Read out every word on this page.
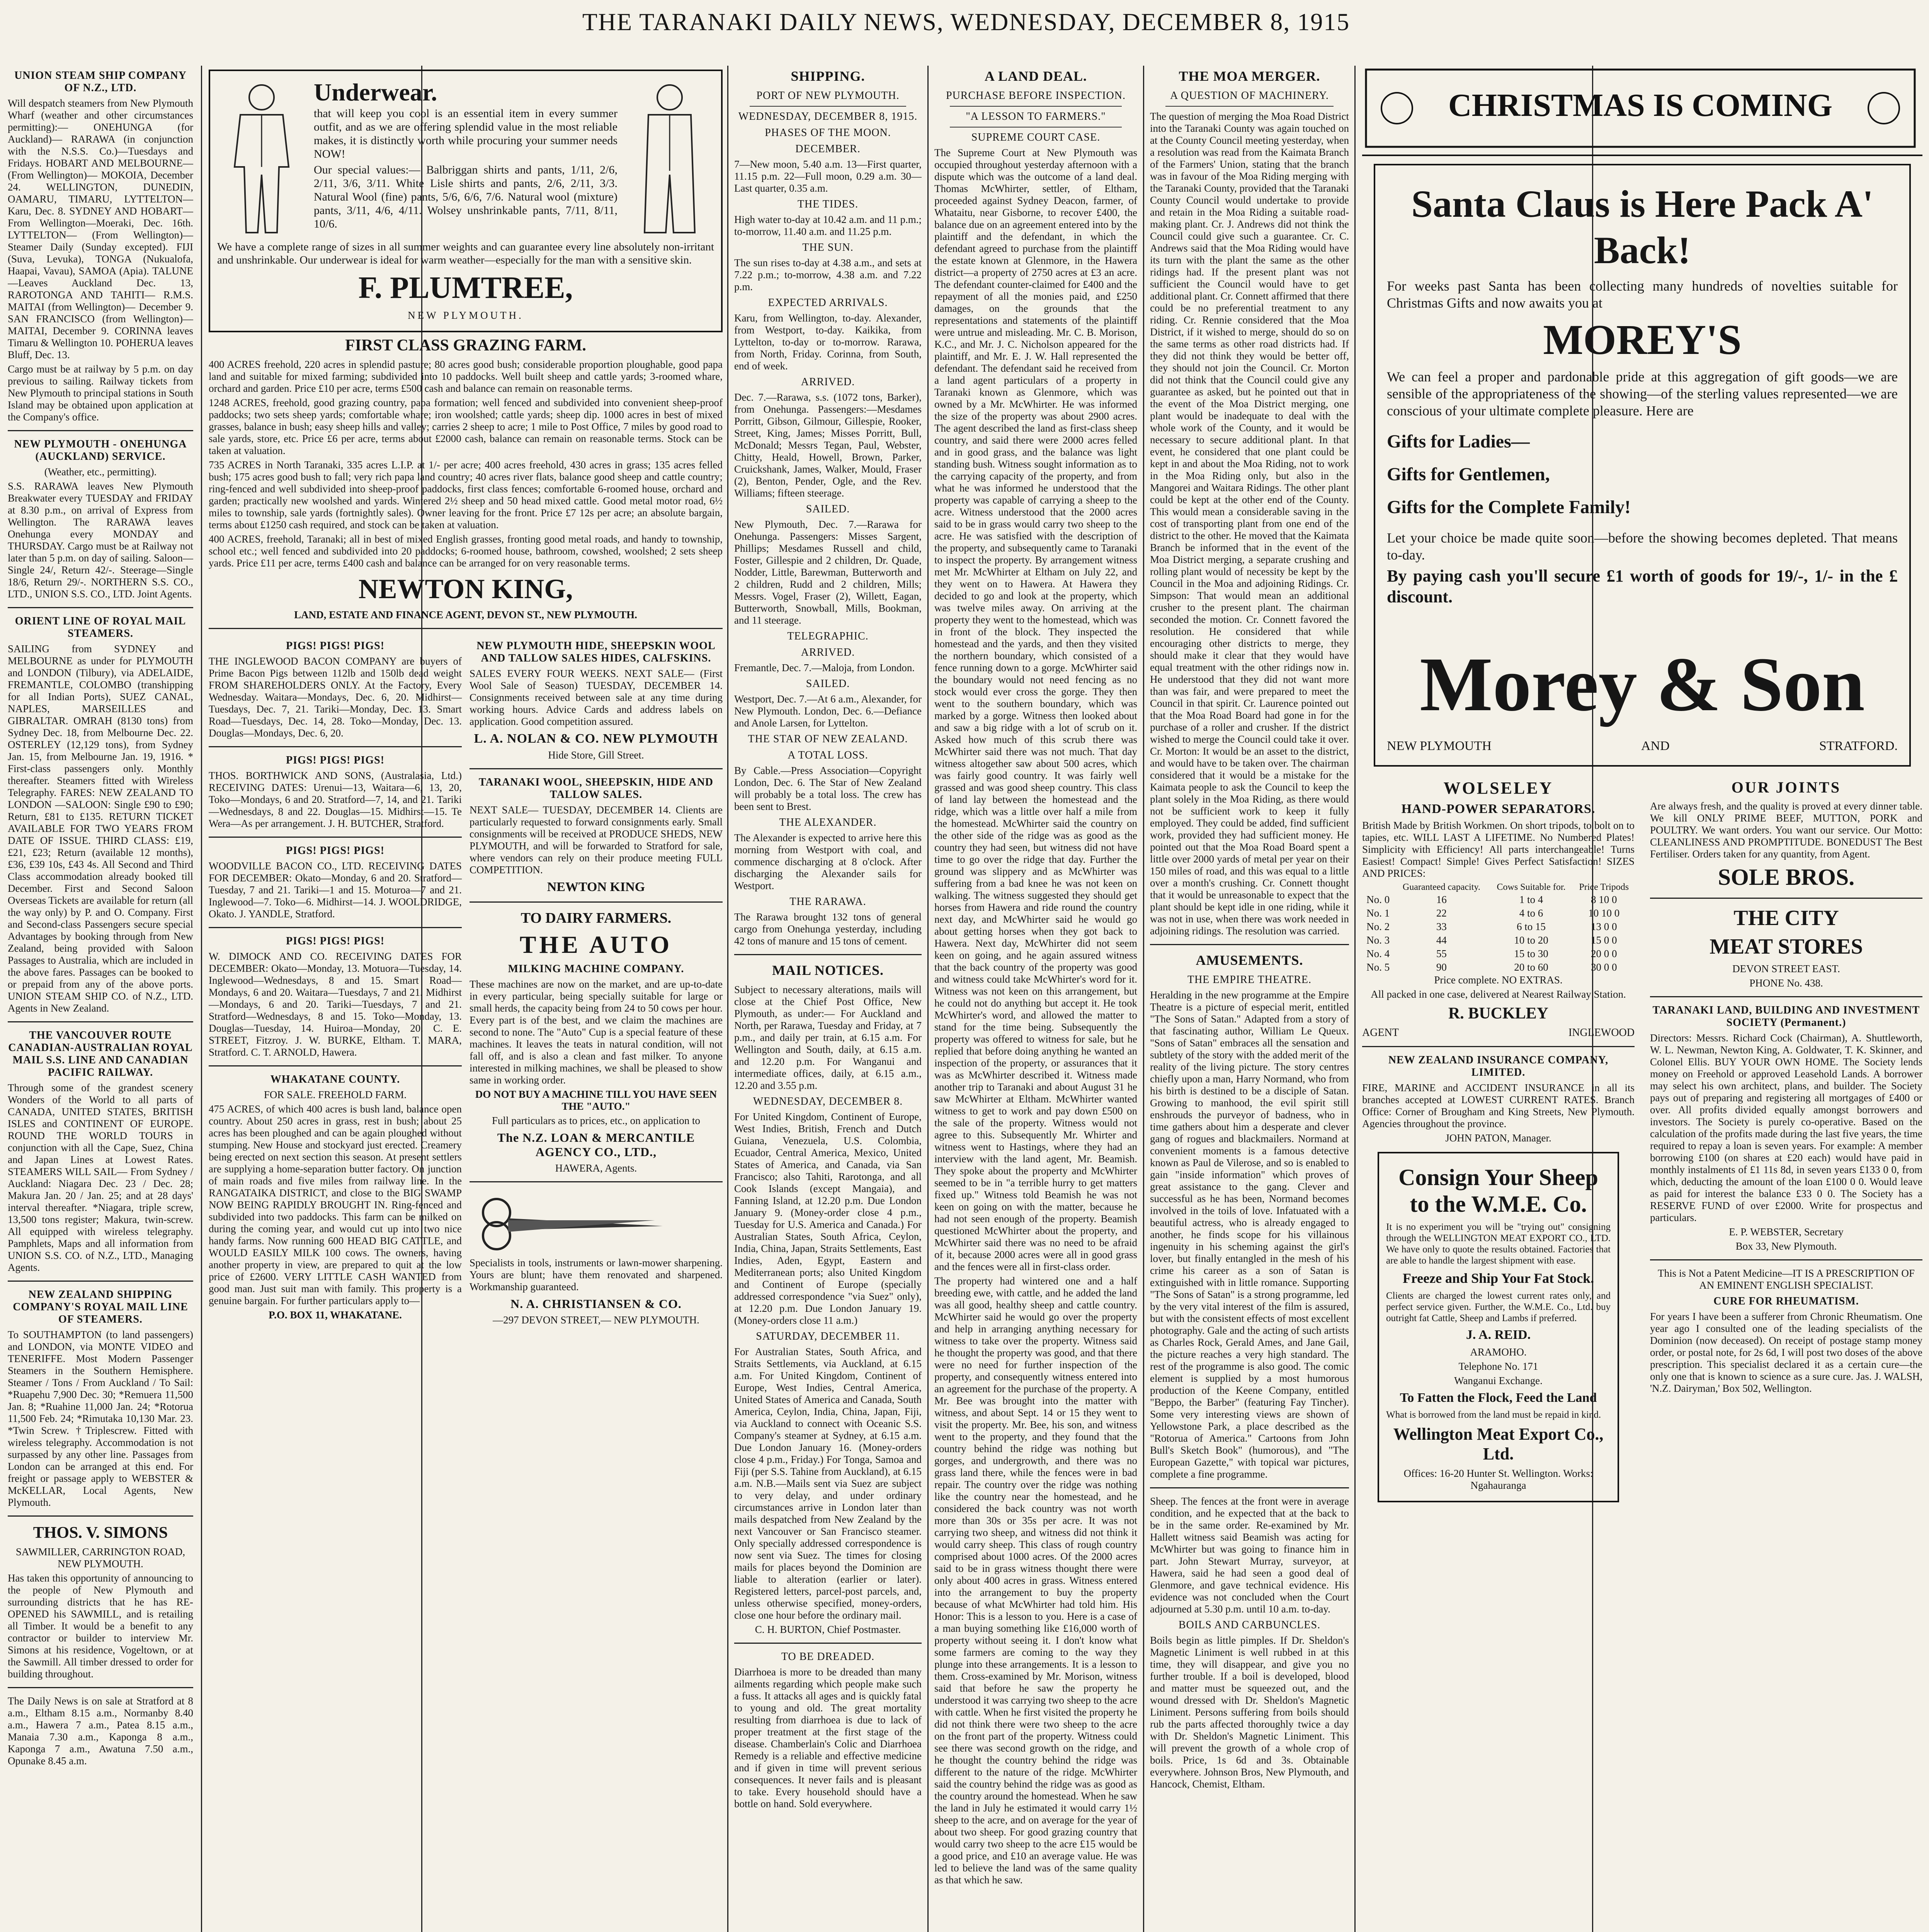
THE TARANAKI DAILY NEWS, WEDNESDAY, DECEMBER 8, 1915
UNION STEAM SHIP COMPANY OF N.Z., LTD.

Will despatch steamers from New Plymouth Wharf (weather and other circumstances permitting):— ONEHUNGA (for Auckland)— RARAWA (in conjunction with the N.S.S. Co.)—Tuesdays and Fridays. HOBART AND MELBOURNE— (From Wellington)— MOKOIA, December 24. WELLINGTON, DUNEDIN, OAMARU, TIMARU, LYTTELTON—Karu, Dec. 8. SYDNEY AND HOBART— From Wellington—Moeraki, Dec. 16th. LYTTELTON— (From Wellington)— Steamer Daily (Sunday excepted). FIJI (Suva, Levuka), TONGA (Nukualofa, Haapai, Vavau), SAMOA (Apia). TALUNE—Leaves Auckland Dec. 13, RAROTONGA AND TAHITI— R.M.S. MAITAI (from Wellington)— December 9. SAN FRANCISCO (from Wellington)— MAITAI, December 9. CORINNA leaves Timaru & Wellington 10. POHERUA leaves Bluff, Dec. 13.

Cargo must be at railway by 5 p.m. on day previous to sailing. Railway tickets from New Plymouth to principal stations in South Island may be obtained upon application at the Company's office.

NEW PLYMOUTH - ONEHUNGA (AUCKLAND) SERVICE.
(Weather, etc., permitting).

S.S. RARAWA leaves New Plymouth Breakwater every TUESDAY and FRIDAY at 8.30 p.m., on arrival of Express from Wellington. The RARAWA leaves Onehunga every MONDAY and THURSDAY. Cargo must be at Railway not later than 5 p.m. on day of sailing. Saloon—Single 24/, Return 42/-. Steerage—Single 18/6, Return 29/-. NORTHERN S.S. CO., LTD., UNION S.S. CO., LTD. Joint Agents.

ORIENT LINE OF ROYAL MAIL STEAMERS.

SAILING from SYDNEY and MELBOURNE as under for PLYMOUTH and LONDON (Tilbury), via ADELAIDE, FREMANTLE, COLOMBO (transhipping for all Indian Ports), SUEZ CANAL, NAPLES, MARSEILLES and GIBRALTAR. OMRAH (8130 tons) from Sydney Dec. 18, from Melbourne Dec. 22. OSTERLEY (12,129 tons), from Sydney Jan. 15, from Melbourne Jan. 19, 1916. * First-class passengers only. Monthly thereafter. Steamers fitted with Wireless Telegraphy. FARES: NEW ZEALAND TO LONDON —SALOON: Single £90 to £90; Return, £81 to £135. RETURN TICKET AVAILABLE FOR TWO YEARS FROM DATE OF ISSUE. THIRD CLASS: £19, £21, £23; Return (available 12 months), £36, £39 10s, £43 4s. All Second and Third Class accommodation already booked till December. First and Second Saloon Overseas Tickets are available for return (all the way only) by P. and O. Company. First and Second-class Passengers secure special Advantages by booking through from New Zealand, being provided with Saloon Passages to Australia, which are included in the above fares. Passages can be booked to or prepaid from any of the above ports. UNION STEAM SHIP CO. of N.Z., LTD. Agents in New Zealand.

THE VANCOUVER ROUTE CANADIAN-AUSTRALIAN ROYAL MAIL S.S. LINE AND CANADIAN PACIFIC RAILWAY.

Through some of the grandest scenery Wonders of the World to all parts of CANADA, UNITED STATES, BRITISH ISLES and CONTINENT OF EUROPE. ROUND THE WORLD TOURS in conjunction with all the Cape, Suez, China and Japan Lines at Lowest Rates. STEAMERS WILL SAIL— From Sydney / Auckland: Niagara Dec. 23 / Dec. 28; Makura Jan. 20 / Jan. 25; and at 28 days' interval thereafter. *Niagara, triple screw, 13,500 tons register; Makura, twin-screw. All equipped with wireless telegraphy. Pamphlets, Maps and all information from UNION S.S. CO. of N.Z., LTD., Managing Agents.

NEW ZEALAND SHIPPING COMPANY'S ROYAL MAIL LINE OF STEAMERS.

To SOUTHAMPTON (to land passengers) and LONDON, via MONTE VIDEO and TENERIFFE. Most Modern Passenger Steamers in the Southern Hemisphere. Steamer / Tons / From Auckland / To Sail: *Ruapehu 7,900 Dec. 30; *Remuera 11,500 Jan. 8; *Ruahine 11,000 Jan. 24; *Rotorua 11,500 Feb. 24; *Rimutaka 10,130 Mar. 23. *Twin Screw. †Triplescrew. Fitted with wireless telegraphy. Accommodation is not surpassed by any other line. Passages from London can be arranged at this end. For freight or passage apply to WEBSTER & McKELLAR, Local Agents, New Plymouth.

THOS. V. SIMONS
SAWMILLER, CARRINGTON ROAD, NEW PLYMOUTH.

Has taken this opportunity of announcing to the people of New Plymouth and surrounding districts that he has RE-OPENED his SAWMILL, and is retailing all Timber. It would be a benefit to any contractor or builder to interview Mr. Simons at his residence, Vogeltown, or at the Sawmill. All timber dressed to order for building throughout.

The Daily News is on sale at Stratford at 8 a.m., Eltham 8.15 a.m., Normanby 8.40 a.m., Hawera 7 a.m., Patea 8.15 a.m., Manaia 7.30 a.m., Kaponga 8 a.m., Kaponga 7 a.m., Awatuna 7.50 a.m., Opunake 8.45 a.m.

Underwear.

that will keep you cool is an essential item in every summer outfit, and as we are offering splendid value in the most reliable makes, it is distinctly worth while procuring your summer needs NOW!

Our special values:— Balbriggan shirts and pants, 1/11, 2/6, 2/11, 3/6, 3/11. White Lisle shirts and pants, 2/6, 2/11, 3/3. Natural Wool (fine) pants, 5/6, 6/6, 7/6. Natural wool (mixture) pants, 3/11, 4/6, 4/11. Wolsey unshrinkable pants, 7/11, 8/11, 10/6.

We have a complete range of sizes in all summer weights and can guarantee every line absolutely non-irritant and unshrinkable. Our underwear is ideal for warm weather—especially for the man with a sensitive skin.

F. PLUMTREE,
NEW PLYMOUTH.
FIRST CLASS GRAZING FARM.

400 ACRES freehold, 220 acres in splendid pasture; 80 acres good bush; considerable proportion ploughable, good papa land and suitable for mixed farming; subdivided into 10 paddocks. Well built sheep and cattle yards; 3-roomed whare, orchard and garden. Price £10 per acre, terms £500 cash and balance can remain on reasonable terms.

1248 ACRES, freehold, good grazing country, papa formation; well fenced and subdivided into convenient sheep-proof paddocks; two sets sheep yards; comfortable whare; iron woolshed; cattle yards; sheep dip. 1000 acres in best of mixed grasses, balance in bush; easy sheep hills and valley; carries 2 sheep to acre; 1 mile to Post Office, 7 miles by good road to sale yards, store, etc. Price £6 per acre, terms about £2000 cash, balance can remain on reasonable terms. Stock can be taken at valuation.

735 ACRES in North Taranaki, 335 acres L.I.P. at 1/- per acre; 400 acres freehold, 430 acres in grass; 135 acres felled bush; 175 acres good bush to fall; very rich papa land country; 40 acres river flats, balance good sheep and cattle country; ring-fenced and well subdivided into sheep-proof paddocks, first class fences; comfortable 6-roomed house, orchard and garden; practically new woolshed and yards. Wintered 2½ sheep and 50 head mixed cattle. Good metal motor road, 6½ miles to township, sale yards (fortnightly sales). Owner leaving for the front. Price £7 12s per acre; an absolute bargain, terms about £1250 cash required, and stock can be taken at valuation.

400 ACRES, freehold, Taranaki; all in best of mixed English grasses, fronting good metal roads, and handy to township, school etc.; well fenced and subdivided into 20 paddocks; 6-roomed house, bathroom, cowshed, woolshed; 2 sets sheep yards. Price £11 per acre, terms £400 cash and balance can be arranged for on very reasonable terms.

NEWTON KING,
LAND, ESTATE AND FINANCE AGENT, DEVON ST., NEW PLYMOUTH.
PIGS! PIGS! PIGS!

THE INGLEWOOD BACON COMPANY are buyers of Prime Bacon Pigs between 112lb and 150lb dead weight FROM SHAREHOLDERS ONLY. At the Factory, Every Wednesday. Waitara—Mondays, Dec. 6, 20. Midhirst—Tuesdays, Dec. 7, 21. Tariki—Monday, Dec. 13. Smart Road—Tuesdays, Dec. 14, 28. Toko—Monday, Dec. 13. Douglas—Mondays, Dec. 6, 20.

PIGS! PIGS! PIGS!

THOS. BORTHWICK AND SONS, (Australasia, Ltd.) RECEIVING DATES: Urenui—13, Waitara—6, 13, 20, Toko—Mondays, 6 and 20. Stratford—7, 14, and 21. Tariki—Wednesdays, 8 and 22. Douglas—15. Midhirst—15. Te Wera—As per arrangement. J. H. BUTCHER, Stratford.

PIGS! PIGS! PIGS!

WOODVILLE BACON CO., LTD. RECEIVING DATES FOR DECEMBER: Okato—Monday, 6 and 20. Stratford—Tuesday, 7 and 21. Tariki—1 and 15. Moturoa—7 and 21. Inglewood—7. Toko—6. Midhirst—14. J. WOOLDRIDGE, Okato. J. YANDLE, Stratford.

PIGS! PIGS! PIGS!

W. DIMOCK AND CO. RECEIVING DATES FOR DECEMBER: Okato—Monday, 13. Motuora—Tuesday, 14. Inglewood—Wednesdays, 8 and 15. Smart Road—Mondays, 6 and 20. Waitara—Tuesdays, 7 and 21. Midhirst—Mondays, 6 and 20. Tariki—Tuesdays, 7 and 21. Stratford—Wednesdays, 8 and 15. Toko—Monday, 13. Douglas—Tuesday, 14. Huiroa—Monday, 20. C. E. STREET, Fitzroy. J. W. BURKE, Eltham. T. MARA, Stratford. C. T. ARNOLD, Hawera.

WHAKATANE COUNTY.
FOR SALE. FREEHOLD FARM.

475 ACRES, of which 400 acres is bush land, balance open country. About 250 acres in grass, rest in bush; about 25 acres has been ploughed and can be again ploughed without stumping. New House and stockyard just erected. Creamery being erected on next section this season. At present settlers are supplying a home-separation butter factory. On junction of main roads and five miles from railway line. In the RANGATAIKA DISTRICT, and close to the BIG SWAMP NOW BEING RAPIDLY BROUGHT IN. Ring-fenced and subdivided into two paddocks. This farm can be milked on during the coming year, and would cut up into two nice handy farms. Now running 600 HEAD BIG CATTLE, and WOULD EASILY MILK 100 cows. The owners, having another property in view, are prepared to quit at the low price of £2600. VERY LITTLE CASH WANTED from good man. Just suit man with family. This property is a genuine bargain. For further particulars apply to—

P.O. BOX 11, WHAKATANE.
NEW PLYMOUTH HIDE, SHEEPSKIN WOOL AND TALLOW SALES HIDES, CALFSKINS.

SALES EVERY FOUR WEEKS. NEXT SALE— (First Wool Sale of Season) TUESDAY, DECEMBER 14. Consignments received between sale at any time during working hours. Advice Cards and address labels on application. Good competition assured.

L. A. NOLAN & CO. NEW PLYMOUTH
Hide Store, Gill Street.
TARANAKI WOOL, SHEEPSKIN, HIDE AND TALLOW SALES.

NEXT SALE— TUESDAY, DECEMBER 14. Clients are particularly requested to forward consignments early. Small consignments will be received at PRODUCE SHEDS, NEW PLYMOUTH, and will be forwarded to Stratford for sale, where vendors can rely on their produce meeting FULL COMPETITION.

NEWTON KING
TO DAIRY FARMERS.
THE AUTO
MILKING MACHINE COMPANY.

These machines are now on the market, and are up-to-date in every particular, being specially suitable for large or small herds, the capacity being from 24 to 50 cows per hour. Every part is of the best, and we claim the machines are second to none. The "Auto" Cup is a special feature of these machines. It leaves the teats in natural condition, will not fall off, and is also a clean and fast milker. To anyone interested in milking machines, we shall be pleased to show same in working order.

DO NOT BUY A MACHINE TILL YOU HAVE SEEN THE "AUTO."

Full particulars as to prices, etc., on application to

The N.Z. LOAN & MERCANTILE AGENCY CO., LTD.,
HAWERA, Agents.

Specialists in tools, instruments or lawn-mower sharpening. Yours are blunt; have them renovated and sharpened. Workmanship guaranteed.

N. A. CHRISTIANSEN & CO.
—297 DEVON STREET,— NEW PLYMOUTH.
SHIPPING.
PORT OF NEW PLYMOUTH.
WEDNESDAY, DECEMBER 8, 1915.
PHASES OF THE MOON.
DECEMBER.

7—New moon, 5.40 a.m. 13—First quarter, 11.15 p.m. 22—Full moon, 0.29 a.m. 30—Last quarter, 0.35 a.m.

THE TIDES.

High water to-day at 10.42 a.m. and 11 p.m.; to-morrow, 11.40 a.m. and 11.25 p.m.

THE SUN.

The sun rises to-day at 4.38 a.m., and sets at 7.22 p.m.; to-morrow, 4.38 a.m. and 7.22 p.m.

EXPECTED ARRIVALS.

Karu, from Wellington, to-day. Alexander, from Westport, to-day. Kaikika, from Lyttelton, to-day or to-morrow. Rarawa, from North, Friday. Corinna, from South, end of week.

ARRIVED.

Dec. 7.—Rarawa, s.s. (1072 tons, Barker), from Onehunga. Passengers:—Mesdames Porritt, Gibson, Gilmour, Gillespie, Rooker, Street, King, James; Misses Porritt, Bull, McDonald; Messrs Tegan, Paul, Webster, Chitty, Heald, Howell, Brown, Parker, Cruickshank, James, Walker, Mould, Fraser (2), Benton, Pender, Ogle, and the Rev. Williams; fifteen steerage.

SAILED.

New Plymouth, Dec. 7.—Rarawa for Onehunga. Passengers: Misses Sargent, Phillips; Mesdames Russell and child, Foster, Gillespie and 2 children, Dr. Quade, Nodder, Little, Barewman, Butterworth and 2 children, Rudd and 2 children, Mills; Messrs. Vogel, Fraser (2), Willett, Eagan, Butterworth, Snowball, Mills, Bookman, and 11 steerage.

TELEGRAPHIC.
ARRIVED.

Fremantle, Dec. 7.—Maloja, from London.

SAILED.

Westport, Dec. 7.—At 6 a.m., Alexander, for New Plymouth. London, Dec. 6.—Defiance and Anole Larsen, for Lyttelton.

THE STAR OF NEW ZEALAND.
A TOTAL LOSS.

By Cable.—Press Association—Copyright London, Dec. 6. The Star of New Zealand will probably be a total loss. The crew has been sent to Brest.

THE ALEXANDER.

The Alexander is expected to arrive here this morning from Westport with coal, and commence discharging at 8 o'clock. After discharging the Alexander sails for Westport.

THE RARAWA.

The Rarawa brought 132 tons of general cargo from Onehunga yesterday, including 42 tons of manure and 15 tons of cement.

MAIL NOTICES.

Subject to necessary alterations, mails will close at the Chief Post Office, New Plymouth, as under:— For Auckland and North, per Rarawa, Tuesday and Friday, at 7 p.m., and daily per train, at 6.15 a.m. For Wellington and South, daily, at 6.15 a.m. and 12.20 p.m. For Wanganui and intermediate offices, daily, at 6.15 a.m., 12.20 and 3.55 p.m.

WEDNESDAY, DECEMBER 8.

For United Kingdom, Continent of Europe, West Indies, British, French and Dutch Guiana, Venezuela, U.S. Colombia, Ecuador, Central America, Mexico, United States of America, and Canada, via San Francisco; also Tahiti, Rarotonga, and all Cook Islands (except Mangaia), and Fanning Island, at 12.20 p.m. Due London January 9. (Money-order close 4 p.m., Tuesday for U.S. America and Canada.) For Australian States, South Africa, Ceylon, India, China, Japan, Straits Settlements, East Indies, Aden, Egypt, Eastern and Mediterranean ports; also United Kingdom and Continent of Europe (specially addressed correspondence "via Suez" only), at 12.20 p.m. Due London January 19. (Money-orders close 11 a.m.)

SATURDAY, DECEMBER 11.

For Australian States, South Africa, and Straits Settlements, via Auckland, at 6.15 a.m. For United Kingdom, Continent of Europe, West Indies, Central America, United States of America and Canada, South America, Ceylon, India, China, Japan, Fiji, via Auckland to connect with Oceanic S.S. Company's steamer at Sydney, at 6.15 a.m. Due London January 16. (Money-orders close 4 p.m., Friday.) For Tonga, Samoa and Fiji (per S.S. Tahine from Auckland), at 6.15 a.m. N.B.—Mails sent via Suez are subject to very delay, and under ordinary circumstances arrive in London later than mails despatched from New Zealand by the next Vancouver or San Francisco steamer. Only specially addressed correspondence is now sent via Suez. The times for closing mails for places beyond the Dominion are liable to alteration (earlier or later). Registered letters, parcel-post parcels, and, unless otherwise specified, money-orders, close one hour before the ordinary mail.

C. H. BURTON, Chief Postmaster.
TO BE DREADED.

Diarrhoea is more to be dreaded than many ailments regarding which people make such a fuss. It attacks all ages and is quickly fatal to young and old. The great mortality resulting from diarrhoea is due to lack of proper treatment at the first stage of the disease. Chamberlain's Colic and Diarrhoea Remedy is a reliable and effective medicine and if given in time will prevent serious consequences. It never fails and is pleasant to take. Every household should have a bottle on hand. Sold everywhere.

A LAND DEAL.
PURCHASE BEFORE INSPECTION.
"A LESSON TO FARMERS."
SUPREME COURT CASE.

The Supreme Court at New Plymouth was occupied throughout yesterday afternoon with a dispute which was the outcome of a land deal. Thomas McWhirter, settler, of Eltham, proceeded against Sydney Deacon, farmer, of Whataitu, near Gisborne, to recover £400, the balance due on an agreement entered into by the plaintiff and the defendant, in which the defendant agreed to purchase from the plaintiff the estate known at Glenmore, in the Hawera district—a property of 2750 acres at £3 an acre. The defendant counter-claimed for £400 and the repayment of all the monies paid, and £250 damages, on the grounds that the representations and statements of the plaintiff were untrue and misleading. Mr. C. B. Morison, K.C., and Mr. J. C. Nicholson appeared for the plaintiff, and Mr. E. J. W. Hall represented the defendant. The defendant said he received from a land agent particulars of a property in Taranaki known as Glenmore, which was owned by a Mr. McWhirter. He was informed the size of the property was about 2900 acres. The agent described the land as first-class sheep country, and said there were 2000 acres felled and in good grass, and the balance was light standing bush. Witness sought information as to the carrying capacity of the property, and from what he was informed he understood that the property was capable of carrying a sheep to the acre. Witness understood that the 2000 acres said to be in grass would carry two sheep to the acre. He was satisfied with the description of the property, and subsequently came to Taranaki to inspect the property. By arrangement witness met Mr. McWhirter at Eltham on July 22, and they went on to Hawera. At Hawera they decided to go and look at the property, which was twelve miles away. On arriving at the property they went to the homestead, which was in front of the block. They inspected the homestead and the yards, and then they visited the northern boundary, which consisted of a fence running down to a gorge. McWhirter said the boundary would not need fencing as no stock would ever cross the gorge. They then went to the southern boundary, which was marked by a gorge. Witness then looked about and saw a big ridge with a lot of scrub on it. Asked how much of this scrub there was McWhirter said there was not much. That day witness altogether saw about 500 acres, which was fairly good country. It was fairly well grassed and was good sheep country. This class of land lay between the homestead and the ridge, which was a little over half a mile from the homestead. McWhirter said the country on the other side of the ridge was as good as the country they had seen, but witness did not have time to go over the ridge that day. Further the ground was slippery and as McWhirter was suffering from a bad knee he was not keen on walking. The witness suggested they should get horses from Hawera and ride round the country next day, and McWhirter said he would go about getting horses when they got back to Hawera. Next day, McWhirter did not seem keen on going, and he again assured witness that the back country of the property was good and witness could take McWhirter's word for it. Witness was not keen on this arrangement, but he could not do anything but accept it. He took McWhirter's word, and allowed the matter to stand for the time being. Subsequently the property was offered to witness for sale, but he replied that before doing anything he wanted an inspection of the property, or assurances that it was as McWhirter described it. Witness made another trip to Taranaki and about August 31 he saw McWhirter at Eltham. McWhirter wanted witness to get to work and pay down £500 on the sale of the property. Witness would not agree to this. Subsequently Mr. Whirter and witness went to Hastings, where they had an interview with the land agent, Mr. Beamish. They spoke about the property and McWhirter seemed to be in "a terrible hurry to get matters fixed up." Witness told Beamish he was not keen on going on with the matter, because he had not seen enough of the property. Beamish questioned McWhirter about the property, and McWhirter said there was no need to be afraid of it, because 2000 acres were all in good grass and the fences were all in first-class order.

The property had wintered one and a half breeding ewe, with cattle, and he added the land was all good, healthy sheep and cattle country. McWhirter said he would go over the property and help in arranging anything necessary for witness to take over the property. Witness said he thought the property was good, and that there were no need for further inspection of the property, and consequently witness entered into an agreement for the purchase of the property. A Mr. Bee was brought into the matter with witness, and about Sept. 14 or 15 they went to visit the property. Mr. Bee, his son, and witness went to the property, and they found that the country behind the ridge was nothing but gorges, and undergrowth, and there was no grass land there, while the fences were in bad repair. The country over the ridge was nothing like the country near the homestead, and he considered the back country was not worth more than 30s or 35s per acre. It was not carrying two sheep, and witness did not think it would carry sheep. This class of rough country comprised about 1000 acres. Of the 2000 acres said to be in grass witness thought there were only about 400 acres in grass. Witness entered into the arrangement to buy the property because of what McWhirter had told him. His Honor: This is a lesson to you. Here is a case of a man buying something like £16,000 worth of property without seeing it. I don't know what some farmers are coming to the way they plunge into these arrangements. It is a lesson to them. Cross-examined by Mr. Morison, witness said that before he saw the property he understood it was carrying two sheep to the acre with cattle. When he first visited the property he did not think there were two sheep to the acre on the front part of the property. Witness could see there was second growth on the ridge, and he thought the country behind the ridge was different to the nature of the ridge. McWhirter said the country behind the ridge was as good as the country around the homestead. When he saw the land in July he estimated it would carry 1½ sheep to the acre, and on average for the year of about two sheep. For good grazing country that would carry two sheep to the acre £15 would be a good price, and £10 an average value. He was led to believe the land was of the same quality as that which he saw.

THE MOA MERGER.
A QUESTION OF MACHINERY.

The question of merging the Moa Road District into the Taranaki County was again touched on at the County Council meeting yesterday, when a resolution was read from the Kaimata Branch of the Farmers' Union, stating that the branch was in favour of the Moa Riding merging with the Taranaki County, provided that the Taranaki County Council would undertake to provide and retain in the Moa Riding a suitable road-making plant. Cr. J. Andrews did not think the Council could give such a guarantee. Cr. C. Andrews said that the Moa Riding would have its turn with the plant the same as the other ridings had. If the present plant was not sufficient the Council would have to get additional plant. Cr. Connett affirmed that there could be no preferential treatment to any riding. Cr. Rennie considered that the Moa District, if it wished to merge, should do so on the same terms as other road districts had. If they did not think they would be better off, they should not join the Council. Cr. Morton did not think that the Council could give any guarantee as asked, but he pointed out that in the event of the Moa District merging, one plant would be inadequate to deal with the whole work of the County, and it would be necessary to secure additional plant. In that event, he considered that one plant could be kept in and about the Moa Riding, not to work in the Moa Riding only, but also in the Mangorei and Waitara Ridings. The other plant could be kept at the other end of the County. This would mean a considerable saving in the cost of transporting plant from one end of the district to the other. He moved that the Kaimata Branch be informed that in the event of the Moa District merging, a separate crushing and rolling plant would of necessity be kept by the Council in the Moa and adjoining Ridings. Cr. Simpson: That would mean an additional crusher to the present plant. The chairman seconded the motion. Cr. Connett favored the resolution. He considered that while encouraging other districts to merge, they should make it clear that they would have equal treatment with the other ridings now in. He understood that they did not want more than was fair, and were prepared to meet the Council in that spirit. Cr. Laurence pointed out that the Moa Road Board had gone in for the purchase of a roller and crusher. If the district wished to merge the Council could take it over. Cr. Morton: It would be an asset to the district, and would have to be taken over. The chairman considered that it would be a mistake for the Kaimata people to ask the Council to keep the plant solely in the Moa Riding, as there would not be sufficient work to keep it fully employed. They could be added, find sufficient work, provided they had sufficient money. He pointed out that the Moa Road Board spent a little over 2000 yards of metal per year on their 150 miles of road, and this was equal to a little over a month's crushing. Cr. Connett thought that it would be unreasonable to expect that the plant should be kept idle in one riding, while it was not in use, when there was work needed in adjoining ridings. The resolution was carried.

AMUSEMENTS.
THE EMPIRE THEATRE.

Heralding in the new programme at the Empire Theatre is a picture of especial merit, entitled "The Sons of Satan." Adapted from a story of that fascinating author, William Le Queux. "Sons of Satan" embraces all the sensation and subtlety of the story with the added merit of the reality of the living picture. The story centres chiefly upon a man, Harry Normand, who from his birth is destined to be a disciple of Satan. Growing to manhood, the evil spirit still enshrouds the purveyor of badness, who in time gathers about him a desperate and clever gang of rogues and blackmailers. Normand at convenient moments is a famous detective known as Paul de Vilerose, and so is enabled to gain "inside information" which proves of great assistance to the gang. Clever and successful as he has been, Normand becomes involved in the toils of love. Infatuated with a beautiful actress, who is already engaged to another, he finds scope for his villainous ingenuity in his scheming against the girl's lover, but finally entangled in the mesh of his crime his career as a son of Satan is extinguished with in little romance. Supporting "The Sons of Satan" is a strong programme, led by the very vital interest of the film is assured, but with the consistent effects of most excellent photography. Gale and the acting of such artists as Charles Rock, Gerald Ames, and Jane Gail, the picture reaches a very high standard. The rest of the programme is also good. The comic element is supplied by a most humorous production of the Keene Company, entitled "Beppo, the Barber" (featuring Fay Tincher). Some very interesting views are shown of Yellowstone Park, a place described as the "Rotorua of America." Cartoons from John Bull's Sketch Book" (humorous), and "The European Gazette," with topical war pictures, complete a fine programme.

Sheep. The fences at the front were in average condition, and he expected that at the back to be in the same order. Re-examined by Mr. Hallett witness said Beamish was acting for McWhirter but was going to finance him in part. John Stewart Murray, surveyor, at Hawera, said he had seen a good deal of Glenmore, and gave technical evidence. His evidence was not concluded when the Court adjourned at 5.30 p.m. until 10 a.m. to-day.

BOILS AND CARBUNCLES.

Boils begin as little pimples. If Dr. Sheldon's Magnetic Liniment is well rubbed in at this time, they will disappear, and give you no further trouble. If a boil is developed, blood and matter must be squeezed out, and the wound dressed with Dr. Sheldon's Magnetic Liniment. Persons suffering from boils should rub the parts affected thoroughly twice a day with Dr. Sheldon's Magnetic Liniment. This will prevent the growth of a whole crop of boils. Price, 1s 6d and 3s. Obtainable everywhere. Johnson Bros, New Plymouth, and Hancock, Chemist, Eltham.

CHRISTMAS IS COMING
Santa Claus is Here Pack A' Back!

For weeks past Santa has been collecting many hundreds of novelties suitable for Christmas Gifts and now awaits you at

MOREY'S

We can feel a proper and pardonable pride at this aggregation of gift goods—we are sensible of the appropriateness of the showing—of the sterling values represented—we are conscious of your ultimate complete pleasure. Here are

Gifts for Ladies—
Gifts for Gentlemen,
Gifts for the Complete Family!

Let your choice be made quite soon—before the showing becomes depleted. That means to-day.

By paying cash you'll secure £1 worth of goods for 19/-, 1/- in the £ discount.

Morey & Son
NEW PLYMOUTH	AND	STRATFORD.
WOLSELEY
HAND-POWER SEPARATORS.

British Made by British Workmen. On short tripods, to bolt on to tapies, etc. WILL LAST A LIFETIME. No Numbered Plates! Simplicity with Efficiency! All parts interchangeable! Turns Easiest! Compact! Simple! Gives Perfect Satisfaction! SIZES AND PRICES:

	Guaranteed capacity.	Cows Suitable for.	Price Tripods
No. 0	16	1 to 4	8 10 0
No. 1	22	4 to 6	10 10 0
No. 2	33	6 to 15	13 0 0
No. 3	44	10 to 20	15 0 0
No. 4	55	15 to 30	20 0 0
No. 5	90	20 to 60	30 0 0

Price complete. NO EXTRAS.

All packed in one case, delivered at Nearest Railway Station.

R. BUCKLEY
AGENT	INGLEWOOD
NEW ZEALAND INSURANCE COMPANY, LIMITED.

FIRE, MARINE and ACCIDENT INSURANCE in all its branches accepted at LOWEST CURRENT RATES. Branch Office: Corner of Brougham and King Streets, New Plymouth. Agencies throughout the province.

JOHN PATON, Manager.
Consign Your Sheep to the W.M.E. Co.

It is no experiment you will be "trying out" consigning through the WELLINGTON MEAT EXPORT CO., LTD. We have only to quote the results obtained. Factories that are able to handle the largest shipment with ease.

Freeze and Ship Your Fat Stock.

Clients are charged the lowest current rates only, and perfect service given. Further, the W.M.E. Co., Ltd. buy outright fat Cattle, Sheep and Lambs if preferred.

J. A. REID.
ARAMOHO.
Telephone No. 171
Wanganui Exchange.
To Fatten the Flock, Feed the Land

What is borrowed from the land must be repaid in kind.

Wellington Meat Export Co., Ltd.
Offices: 16-20 Hunter St. Wellington. Works: Ngahauranga
OUR JOINTS

Are always fresh, and the quality is proved at every dinner table. We kill ONLY PRIME BEEF, MUTTON, PORK and POULTRY. We want orders. You want our service. Our Motto: CLEANLINESS AND PROMPTITUDE. BONEDUST The Best Fertiliser. Orders taken for any quantity, from Agent.

SOLE BROS.
THE CITY
MEAT STORES
DEVON STREET EAST.
PHONE No. 438.
TARANAKI LAND, BUILDING AND INVESTMENT SOCIETY (Permanent.)

Directors: Messrs. Richard Cock (Chairman), A. Shuttleworth, W. L. Newman, Newton King, A. Goldwater, T. K. Skinner, and Colonel Ellis. BUY YOUR OWN HOME. The Society lends money on Freehold or approved Leasehold Lands. A borrower may select his own architect, plans, and builder. The Society pays out of preparing and registering all mortgages of £400 or over. All profits divided equally amongst borrowers and investors. The Society is purely co-operative. Based on the calculation of the profits made during the last five years, the time required to repay a loan is seven years. For example: A member borrowing £100 (on shares at £20 each) would have paid in monthly instalments of £1 11s 8d, in seven years £133 0 0, from which, deducting the amount of the loan £100 0 0. Would leave as paid for interest the balance £33 0 0. The Society has a RESERVE FUND of over £2000. Write for prospectus and particulars.

E. P. WEBSTER, Secretary
Box 33, New Plymouth.

This is Not a Patent Medicine—IT IS A PRESCRIPTION OF AN EMINENT ENGLISH SPECIALIST.

CURE FOR RHEUMATISM.

For years I have been a sufferer from Chronic Rheumatism. One year ago I consulted one of the leading specialists of the Dominion (now deceased). On receipt of postage stamp money order, or postal note, for 2s 6d, I will post two doses of the above prescription. This specialist declared it as a certain cure—the only one that is known to science as a sure cure. Jas. J. WALSH, 'N.Z. Dairyman,' Box 502, Wellington.
